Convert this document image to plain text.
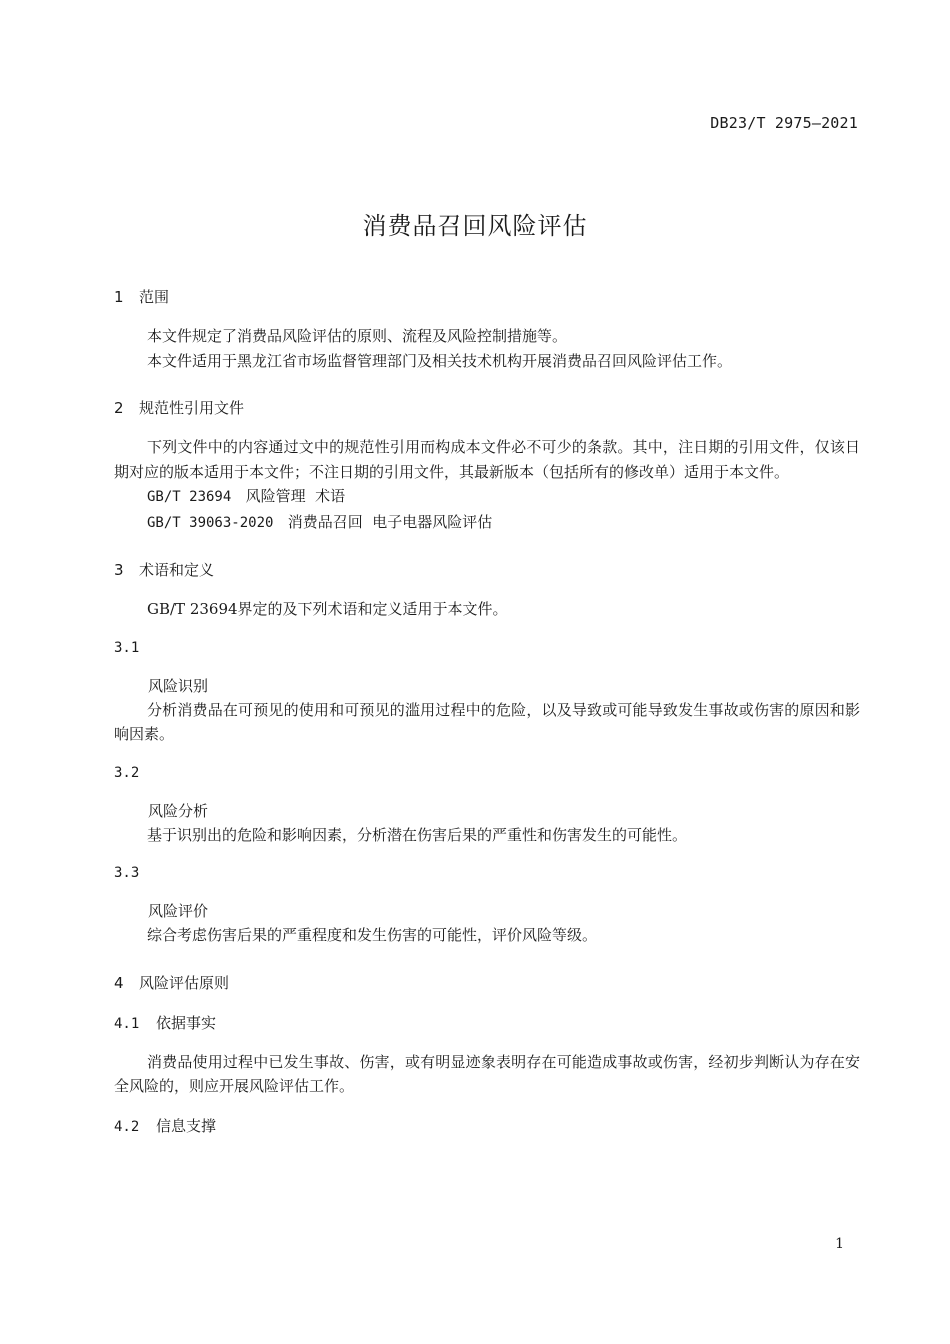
DB23/T 2975—2021
消费品召回风险评估
1 范围
本文件规定了消费品风险评估的原则、流程及风险控制措施等。
本文件适用于黑龙江省市场监督管理部门及相关技术机构开展消费品召回风险评估工作。
2 规范性引用文件
下列文件中的内容通过文中的规范性引用而构成本文件必不可少的条款。其中，注日期的引用文件，仅该日期对应的版本适用于本文件；不注日期的引用文件，其最新版本（包括所有的修改单）适用于本文件。
GB/T 23694 风险管理  术语
GB/T 39063-2020 消费品召回  电子电器风险评估
3 术语和定义
GB/T 23694界定的及下列术语和定义适用于本文件。
3.1
风险识别
分析消费品在可预见的使用和可预见的滥用过程中的危险，以及导致或可能导致发生事故或伤害的原因和影响因素。
3.2
风险分析
基于识别出的危险和影响因素，分析潜在伤害后果的严重性和伤害发生的可能性。
3.3
风险评价
综合考虑伤害后果的严重程度和发生伤害的可能性，评价风险等级。
4 风险评估原则
4.1 依据事实
消费品使用过程中已发生事故、伤害，或有明显迹象表明存在可能造成事故或伤害，经初步判断认为存在安全风险的，则应开展风险评估工作。
4.2 信息支撑
1
